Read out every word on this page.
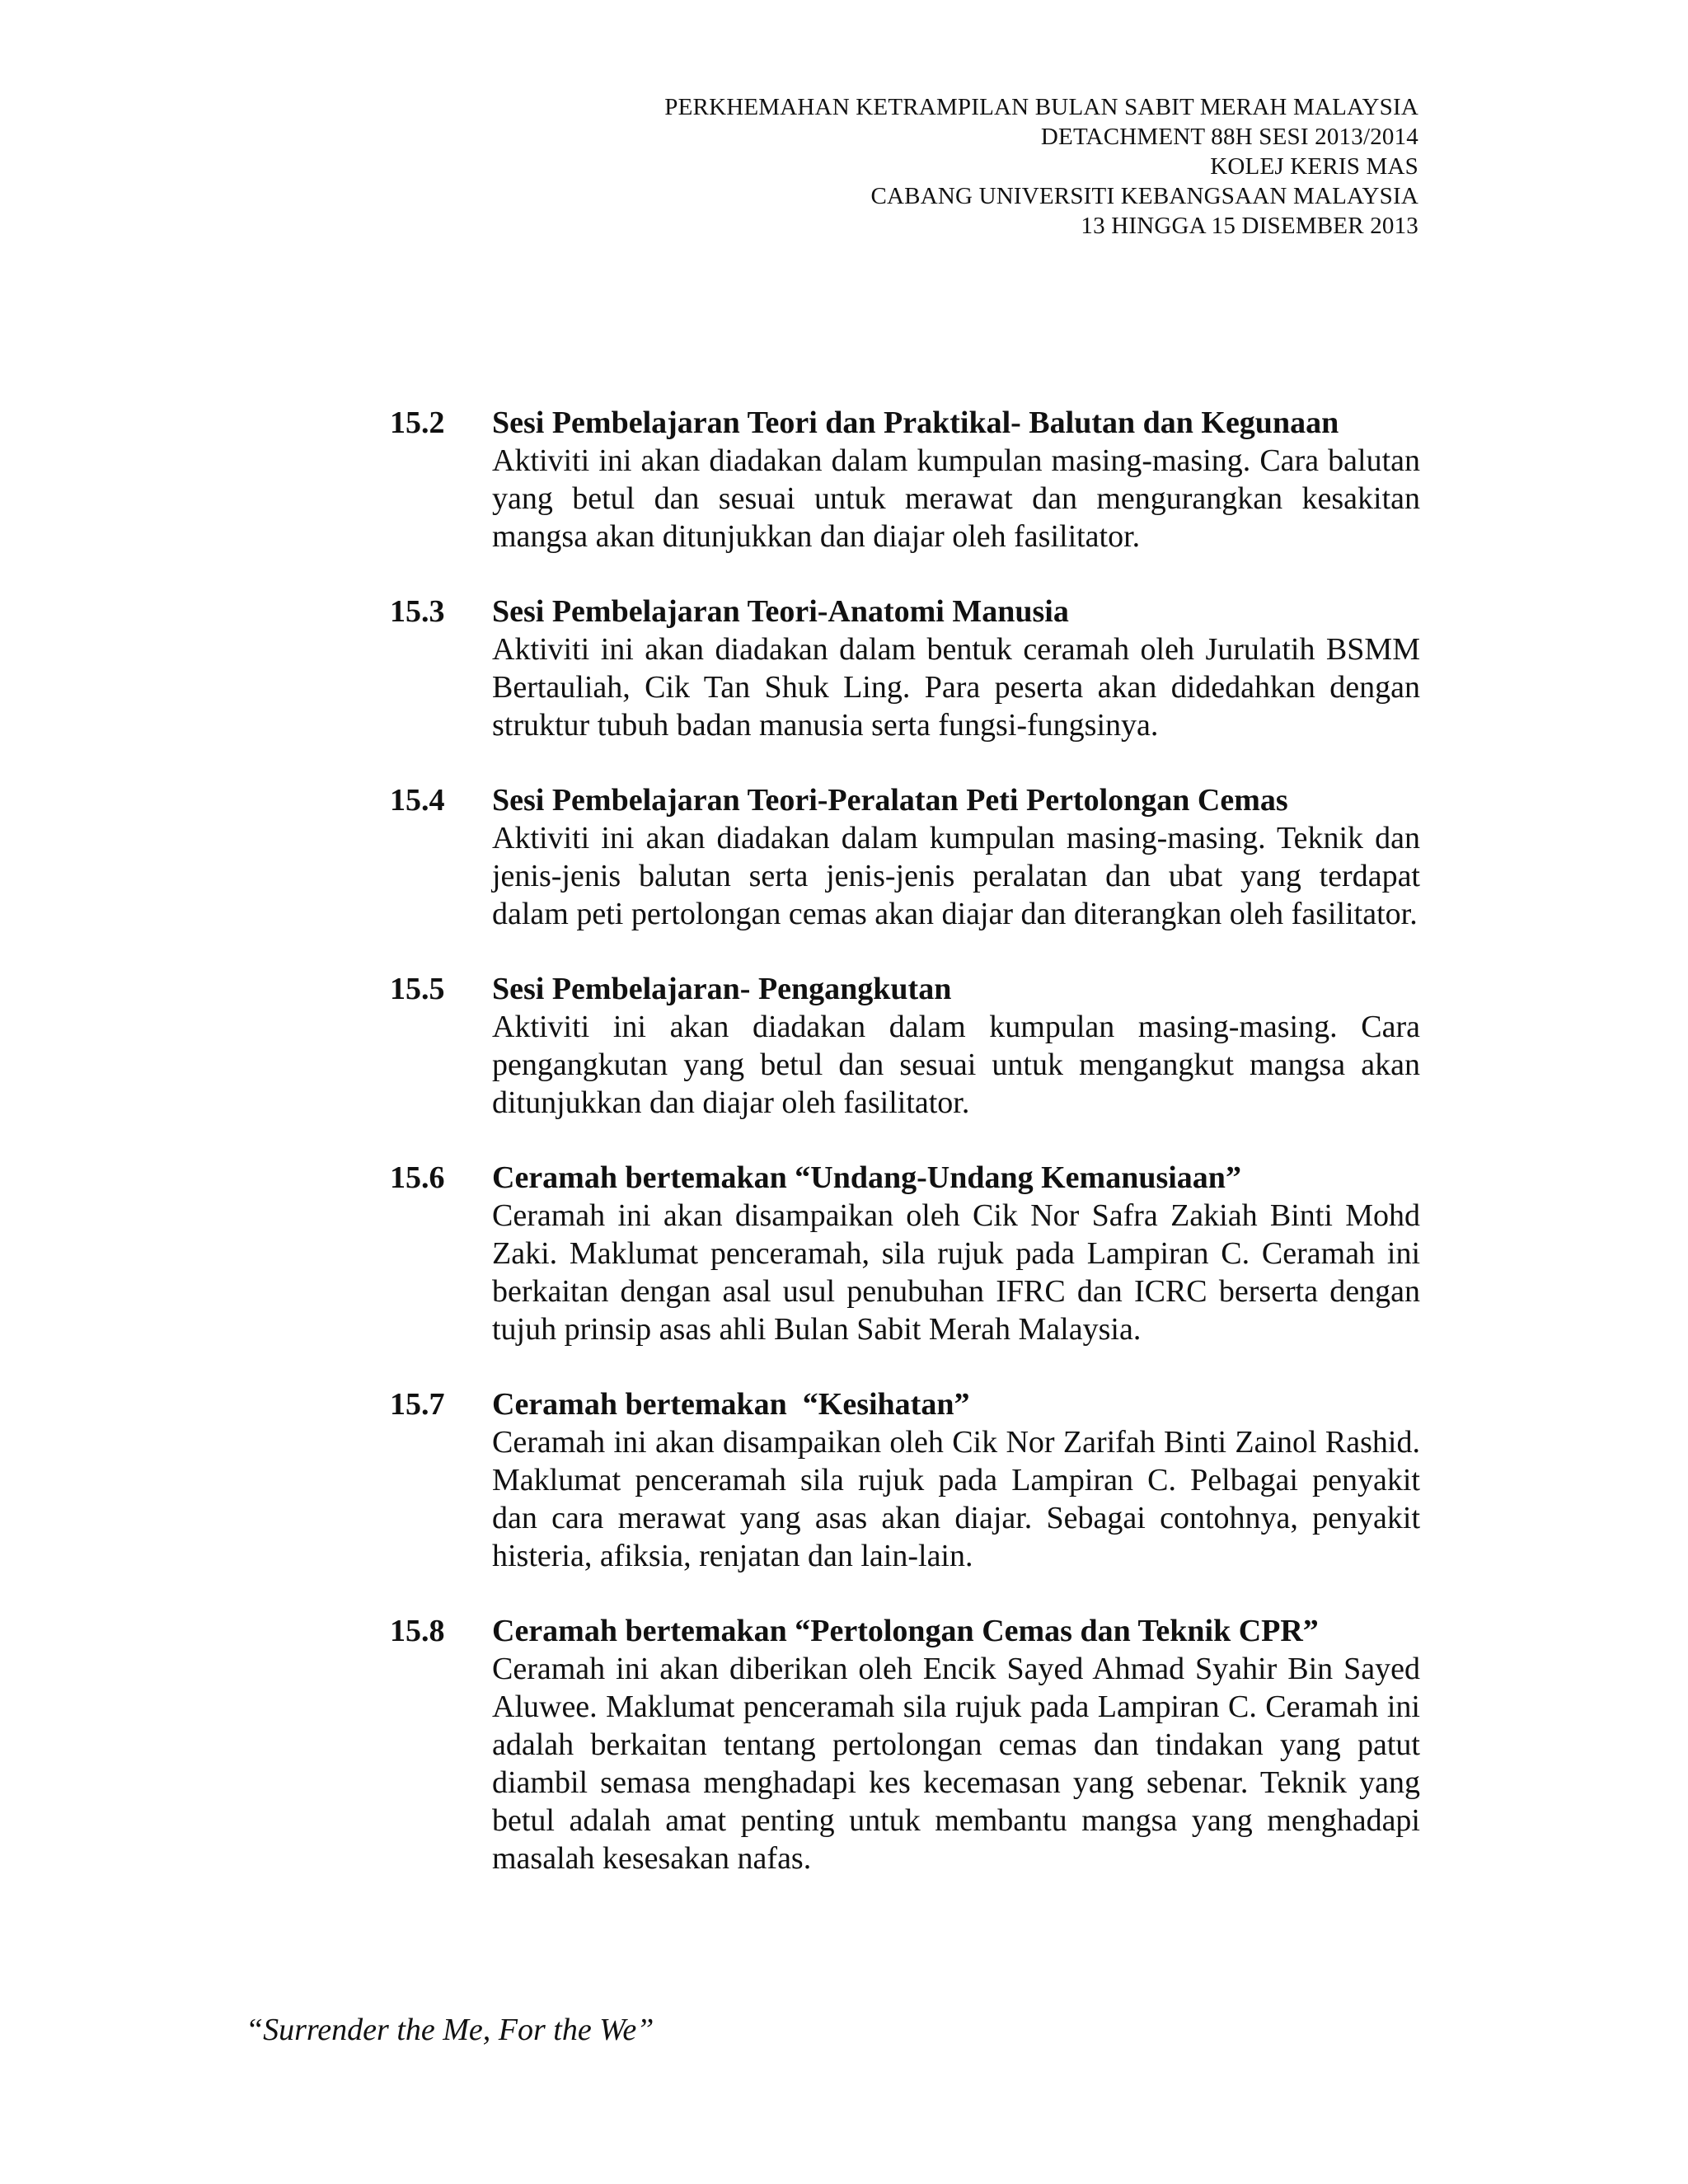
PERKHEMAHAN KETRAMPILAN BULAN SABIT MERAH MALAYSIA
DETACHMENT 88H SESI 2013/2014
KOLEJ KERIS MAS
CABANG UNIVERSITI KEBANGSAAN MALAYSIA
13 HINGGA 15 DISEMBER 2013
15.2	Sesi Pembelajaran Teori dan Praktikal- Balutan dan Kegunaan
Aktiviti ini akan diadakan dalam kumpulan masing-masing. Cara balutan yang betul dan sesuai untuk merawat dan mengurangkan kesakitan mangsa akan ditunjukkan dan diajar oleh fasilitator.
15.3	Sesi Pembelajaran Teori-Anatomi Manusia
Aktiviti ini akan diadakan dalam bentuk ceramah oleh Jurulatih BSMM Bertauliah, Cik Tan Shuk Ling. Para peserta akan didedahkan dengan struktur tubuh badan manusia serta fungsi-fungsinya.
15.4	Sesi Pembelajaran Teori-Peralatan Peti Pertolongan Cemas
Aktiviti ini akan diadakan dalam kumpulan masing-masing. Teknik dan jenis-jenis balutan serta jenis-jenis peralatan dan ubat yang terdapat dalam peti pertolongan cemas akan diajar dan diterangkan oleh fasilitator.
15.5	Sesi Pembelajaran- Pengangkutan
Aktiviti ini akan diadakan dalam kumpulan masing-masing. Cara pengangkutan yang betul dan sesuai untuk mengangkut mangsa akan ditunjukkan dan diajar oleh fasilitator.
15.6	Ceramah bertemakan “Undang-Undang Kemanusiaan”
Ceramah ini akan disampaikan oleh Cik Nor Safra Zakiah Binti Mohd Zaki. Maklumat penceramah, sila rujuk pada Lampiran C. Ceramah ini berkaitan dengan asal usul penubuhan IFRC dan ICRC berserta dengan tujuh prinsip asas ahli Bulan Sabit Merah Malaysia.
15.7	Ceramah bertemakan  “Kesihatan”
Ceramah ini akan disampaikan oleh Cik Nor Zarifah Binti Zainol Rashid. Maklumat penceramah sila rujuk pada Lampiran C. Pelbagai penyakit dan cara merawat yang asas akan diajar. Sebagai contohnya, penyakit histeria, afiksia, renjatan dan lain-lain.
15.8	Ceramah bertemakan “Pertolongan Cemas dan Teknik CPR”
Ceramah ini akan diberikan oleh Encik Sayed Ahmad Syahir Bin Sayed Aluwee. Maklumat penceramah sila rujuk pada Lampiran C. Ceramah ini adalah berkaitan tentang pertolongan cemas dan tindakan yang patut diambil semasa menghadapi kes kecemasan yang sebenar. Teknik yang betul adalah amat penting untuk membantu mangsa yang menghadapi masalah kesesakan nafas.
“Surrender the Me, For the We”
